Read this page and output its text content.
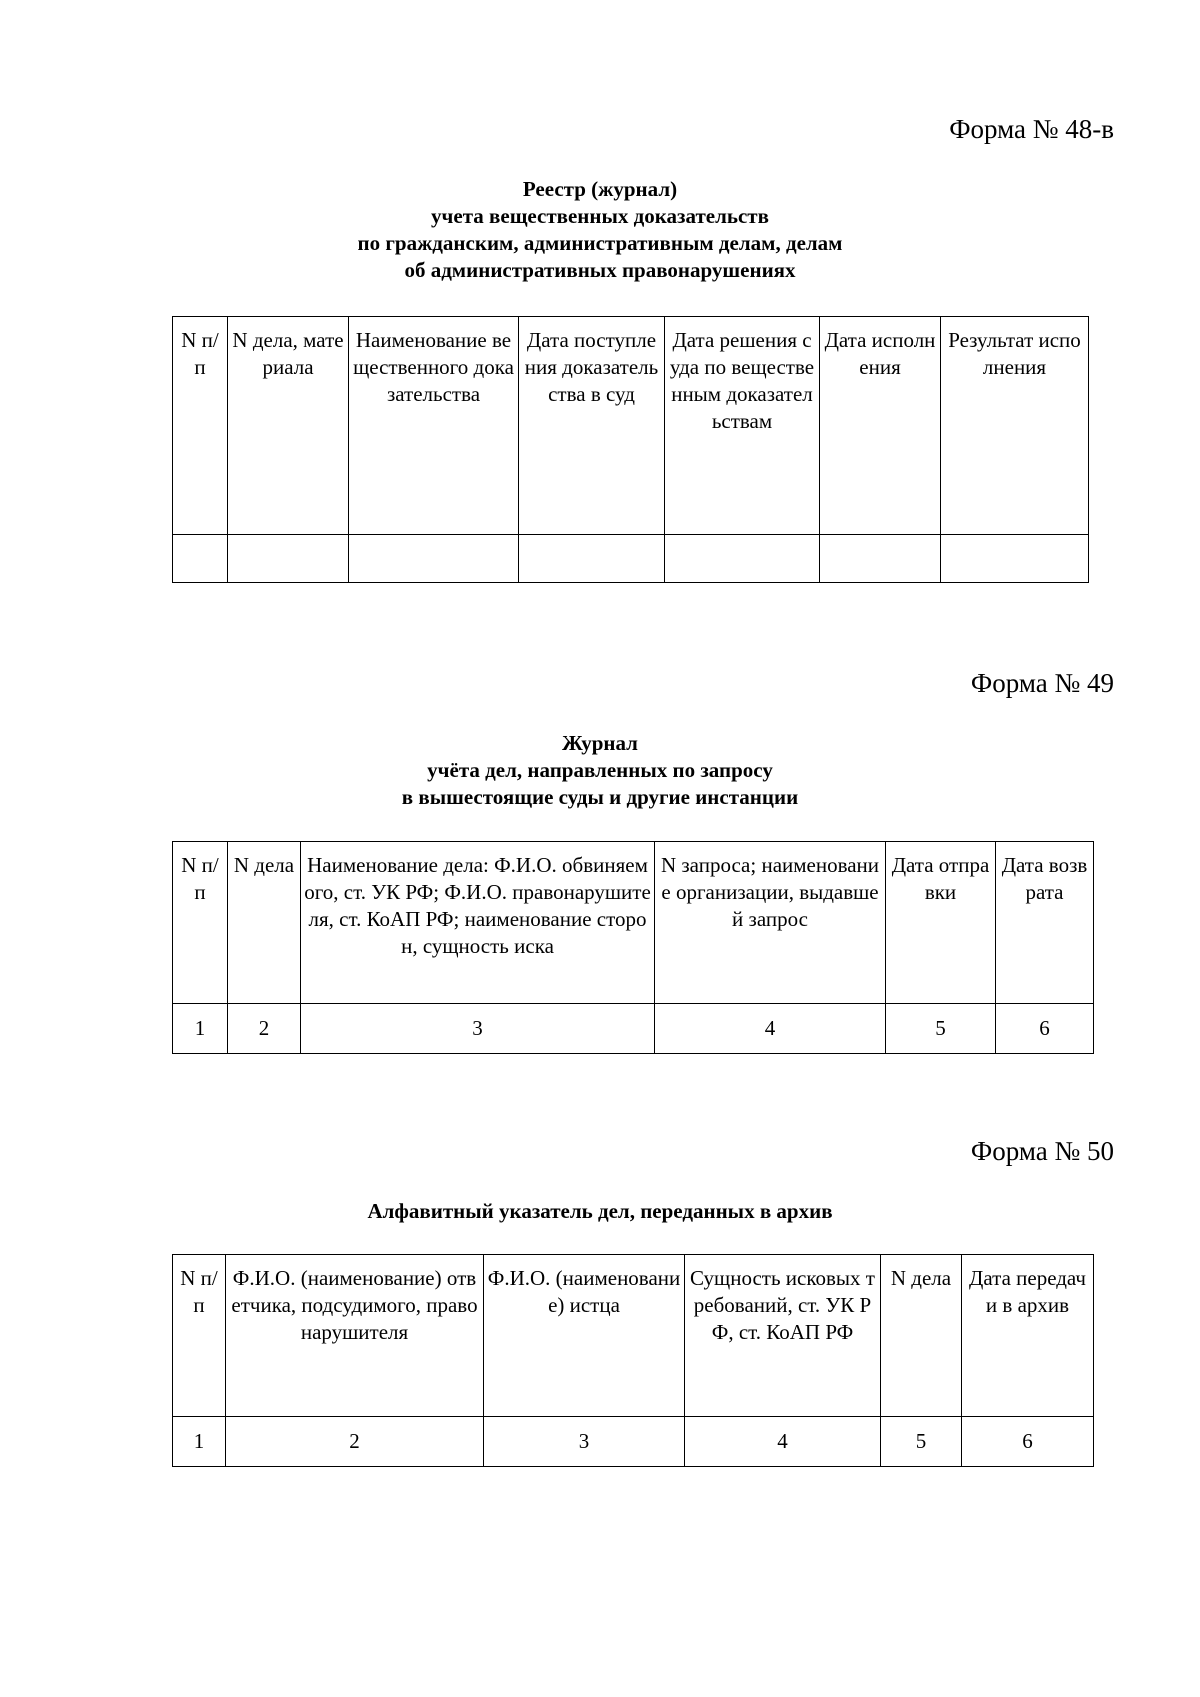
Форма № 48-в
Реестр (журнал)
учета вещественных доказательств
по гражданским, административным делам, делам
об административных правонарушениях
N п/п	N дела, материала	Наименование вещественного доказательства	Дата поступления доказательства в суд	Дата решения суда по вещественным доказательствам	Дата исполнения	Результат исполнения

Форма № 49
Журнал
учёта дел, направленных по запросу
в вышестоящие суды и другие инстанции
N п/п	N дела	Наименование дела: Ф.И.О. обвиняемого, ст. УК РФ; Ф.И.О. правонарушителя, ст. КоАП РФ; наименование сторон, сущность иска	N запроса; наименование организации, выдавшей запрос	Дата отправки	Дата возврата
1	2	3	4	5	6
Форма № 50
Алфавитный указатель дел, переданных в архив
N п/п	Ф.И.О. (наименование) ответчика, подсудимого, правонарушителя	Ф.И.О. (наименование) истца	Сущность исковых требований, ст. УК РФ, ст. КоАП РФ	N дела	Дата передачи в архив
1	2	3	4	5	6
